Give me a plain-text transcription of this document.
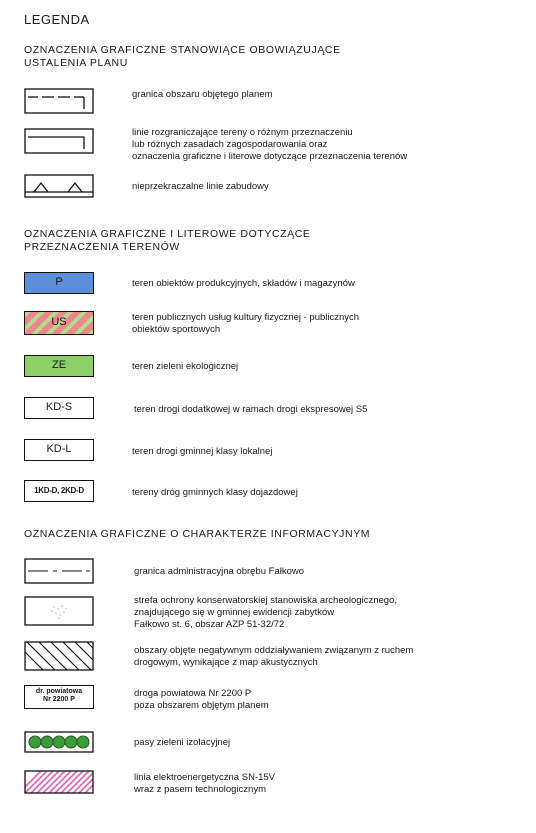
LEGENDA
OZNACZENIA GRAFICZNE STANOWIĄCE OBOWIĄZUJĄCE
USTALENIA PLANU
OZNACZENIA GRAFICZNE I LITEROWE DOTYCZĄCE
PRZEZNACZENIA TERENÓW
OZNACZENIA GRAFICZNE O CHARAKTERZE INFORMACYJNYM
granica obszaru objętego planem
linie rozgraniczające tereny o różnym przeznaczeniu
lub różnych zasadach zagospodarowania oraz
oznaczenia graficzne i literowe dotyczące przeznaczenia terenów
nieprzekraczalne linie zabudowy
P	teren obiektów produkcyjnych, składów i magazynów
US	teren publicznych usług kultury fizycznej - publicznych
obiektów sportowych
ZE	teren zieleni ekologicznej
KD-S	teren drogi dodatkowej w ramach drogi ekspresowej S5
KD-L	teren drogi gminnej klasy lokalnej
1KD-D, 2KD-D	tereny dróg gminnych klasy dojazdowej
granica administracyjna obrębu Fałkowo
strefa ochrony konserwatorskiej stanowiska archeologicznego,
znajdującego się w gminnej ewidencji zabytków
Fałkowo st. 6, obszar AZP 51-32/72
obszary objęte negatywnym oddziaływaniem związanym z ruchem
drogowym, wynikające z map akustycznych
dr. powiatowa
Nr 2200 P
droga powiatowa Nr 2200 P
poza obszarem objętym planem
pasy zieleni izolacyjnej
linia elektroenergetyczna SN-15V
wraz z pasem technologicznym
